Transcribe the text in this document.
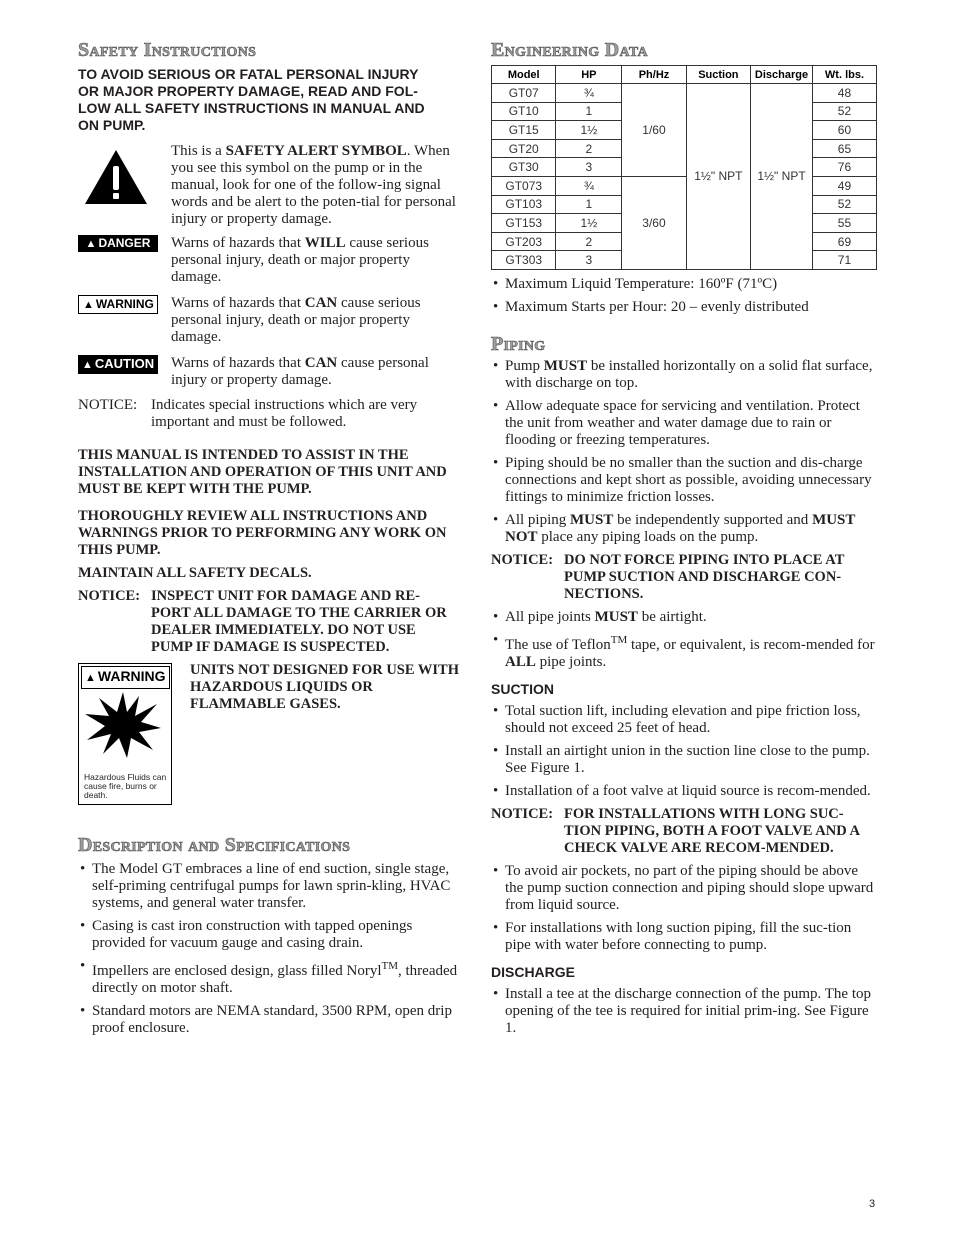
Safety Instructions
TO AVOID SERIOUS OR FATAL PERSONAL INJURY
OR MAJOR PROPERTY DAMAGE, READ AND FOL-
LOW ALL SAFETY INSTRUCTIONS IN MANUAL AND
ON PUMP.
This is a SAFETY ALERT SYMBOL. When you see this symbol on the pump or in the manual, look for one of the follow-ing signal words and be alert to the poten-tial for personal injury or property damage.
▲ DANGER	Warns of hazards that WILL cause serious personal injury, death or major property damage.
▲ WARNING Warns of hazards that CAN cause serious personal injury, death or major property damage.
▲ CAUTION Warns of hazards that CAN cause personal injury or property damage.
NOTICE: Indicates special instructions which are very important and must be followed.

THIS MANUAL IS INTENDED TO ASSIST IN THE INSTALLATION AND OPERATION OF THIS UNIT AND MUST BE KEPT WITH THE PUMP.

THOROUGHLY REVIEW ALL INSTRUCTIONS AND WARNINGS PRIOR TO PERFORMING ANY WORK ON THIS PUMP.

MAINTAIN ALL SAFETY DECALS.

NOTICE: INSPECT UNIT FOR DAMAGE AND RE-PORT ALL DAMAGE TO THE CARRIER OR DEALER IMMEDIATELY. DO NOT USE PUMP IF DAMAGE IS SUSPECTED.
▲ WARNING
Hazardous Fluids can cause fire, burns or death.

UNITS NOT DESIGNED FOR USE WITH HAZARDOUS LIQUIDS OR FLAMMABLE GASES.

Description and Specifications
• The Model GT embraces a line of end suction, single stage, self-priming centrifugal pumps for lawn sprin-kling, HVAC systems, and general water transfer.
• Casing is cast iron construction with tapped openings provided for vacuum gauge and casing drain.
• Impellers are enclosed design, glass filled Noryl™, threaded directly on motor shaft.
• Standard motors are NEMA standard, 3500 RPM, open drip proof enclosure.
Engineering Data
Model	HP	Ph/Hz	Suction	Discharge	Wt. lbs.
GT07	¾	1/60	1½" NPT	1½" NPT	48
GT10	1				52
GT15	1½				60
GT20	2				65
GT30	3				76
GT073	¾	3/60			49
GT103	1				52
GT153	1½				55
GT203	2				69
GT303	3				71
• Maximum Liquid Temperature: 160ºF (71ºC)
• Maximum Starts per Hour: 20 – evenly distributed
Piping
• Pump MUST be installed horizontally on a solid flat surface, with discharge on top.
• Allow adequate space for servicing and ventilation. Protect the unit from weather and water damage due to rain or flooding or freezing temperatures.
• Piping should be no smaller than the suction and dis-charge connections and kept short as possible, avoiding unnecessary fittings to minimize friction losses.
• All piping MUST be independently supported and MUST NOT place any piping loads on the pump.
NOTICE: DO NOT FORCE PIPING INTO PLACE AT PUMP SUCTION AND DISCHARGE CON-NECTIONS.
• All pipe joints MUST be airtight.
• The use of Teflon™ tape, or equivalent, is recom-mended for ALL pipe joints.
SUCTION
• Total suction lift, including elevation and pipe friction loss, should not exceed 25 feet of head.
• Install an airtight union in the suction line close to the pump. See Figure 1.
• Installation of a foot valve at liquid source is recom-mended.
NOTICE: FOR INSTALLATIONS WITH LONG SUC-TION PIPING, BOTH A FOOT VALVE AND A CHECK VALVE ARE RECOM-MENDED.
• To avoid air pockets, no part of the piping should be above the pump suction connection and piping should slope upward from liquid source.
• For installations with long suction piping, fill the suc-tion pipe with water before connecting to pump.
DISCHARGE
• Install a tee at the discharge connection of the pump. The top opening of the tee is required for initial prim-ing. See Figure 1.
3
